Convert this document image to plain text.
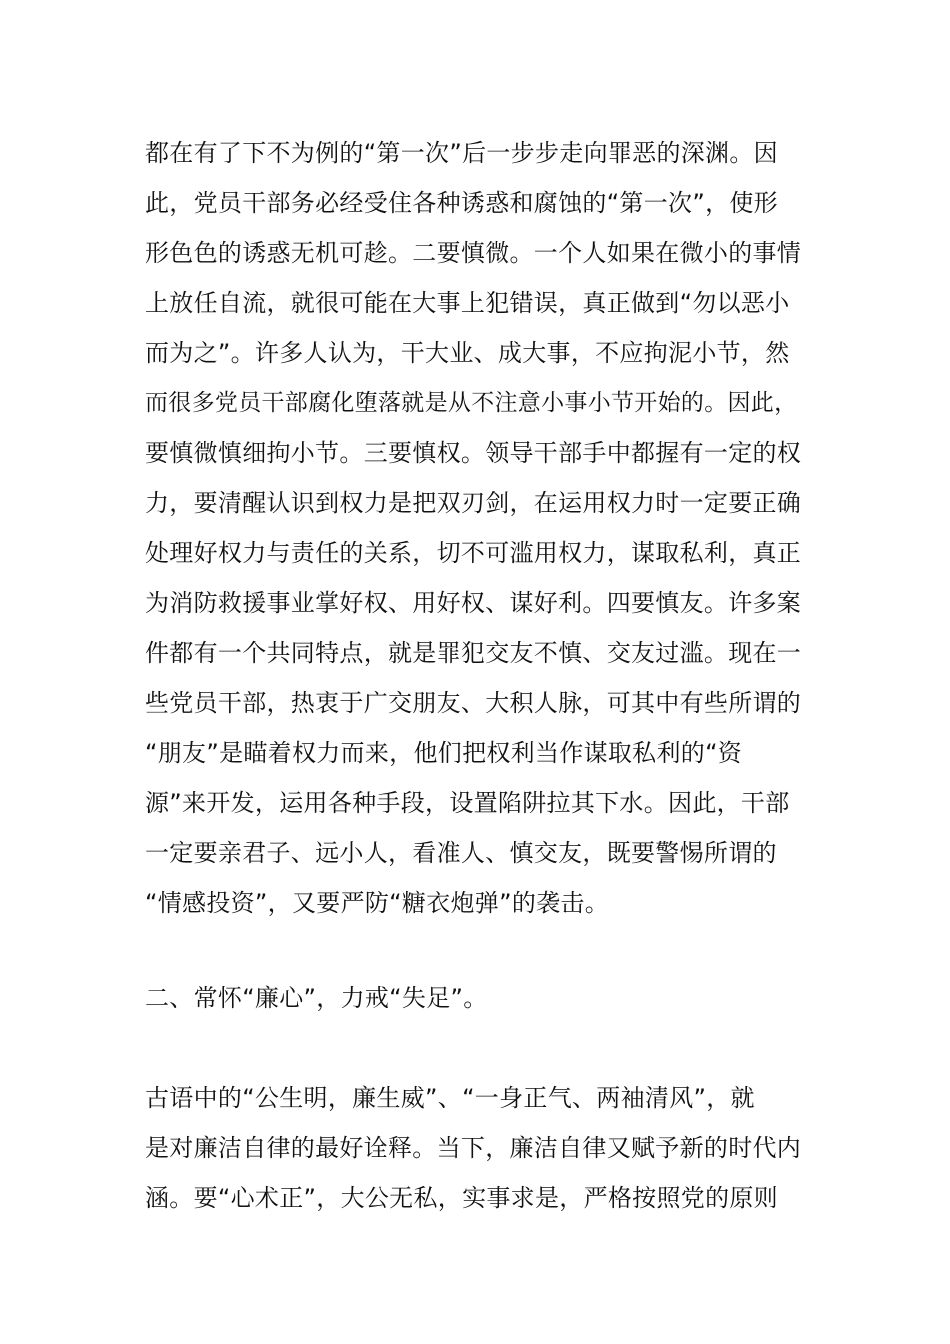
都在有了下不为例的“第一次”后一步步走向罪恶的深渊。因
此，党员干部务必经受住各种诱惑和腐蚀的“第一次”，使形
形色色的诱惑无机可趁。二要慎微。一个人如果在微小的事情
上放任自流，就很可能在大事上犯错误，真正做到“勿以恶小
而为之”。许多人认为，干大业、成大事，不应拘泥小节，然
而很多党员干部腐化堕落就是从不注意小事小节开始的。因此，
要慎微慎细拘小节。三要慎权。领导干部手中都握有一定的权
力，要清醒认识到权力是把双刃剑，在运用权力时一定要正确
处理好权力与责任的关系，切不可滥用权力，谋取私利，真正
为消防救援事业掌好权、用好权、谋好利。四要慎友。许多案
件都有一个共同特点，就是罪犯交友不慎、交友过滥。现在一
些党员干部，热衷于广交朋友、大积人脉，可其中有些所谓的
“朋友”是瞄着权力而来，他们把权利当作谋取私利的“资
源”来开发，运用各种手段，设置陷阱拉其下水。因此，干部
一定要亲君子、远小人，看准人、慎交友，既要警惕所谓的
“情感投资”，又要严防“糖衣炮弹”的袭击。
二、常怀“廉心”，力戒“失足”。
古语中的“公生明，廉生威”、“一身正气、两袖清风”，就
是对廉洁自律的最好诠释。当下，廉洁自律又赋予新的时代内
涵。要“心术正”，大公无私，实事求是，严格按照党的原则
